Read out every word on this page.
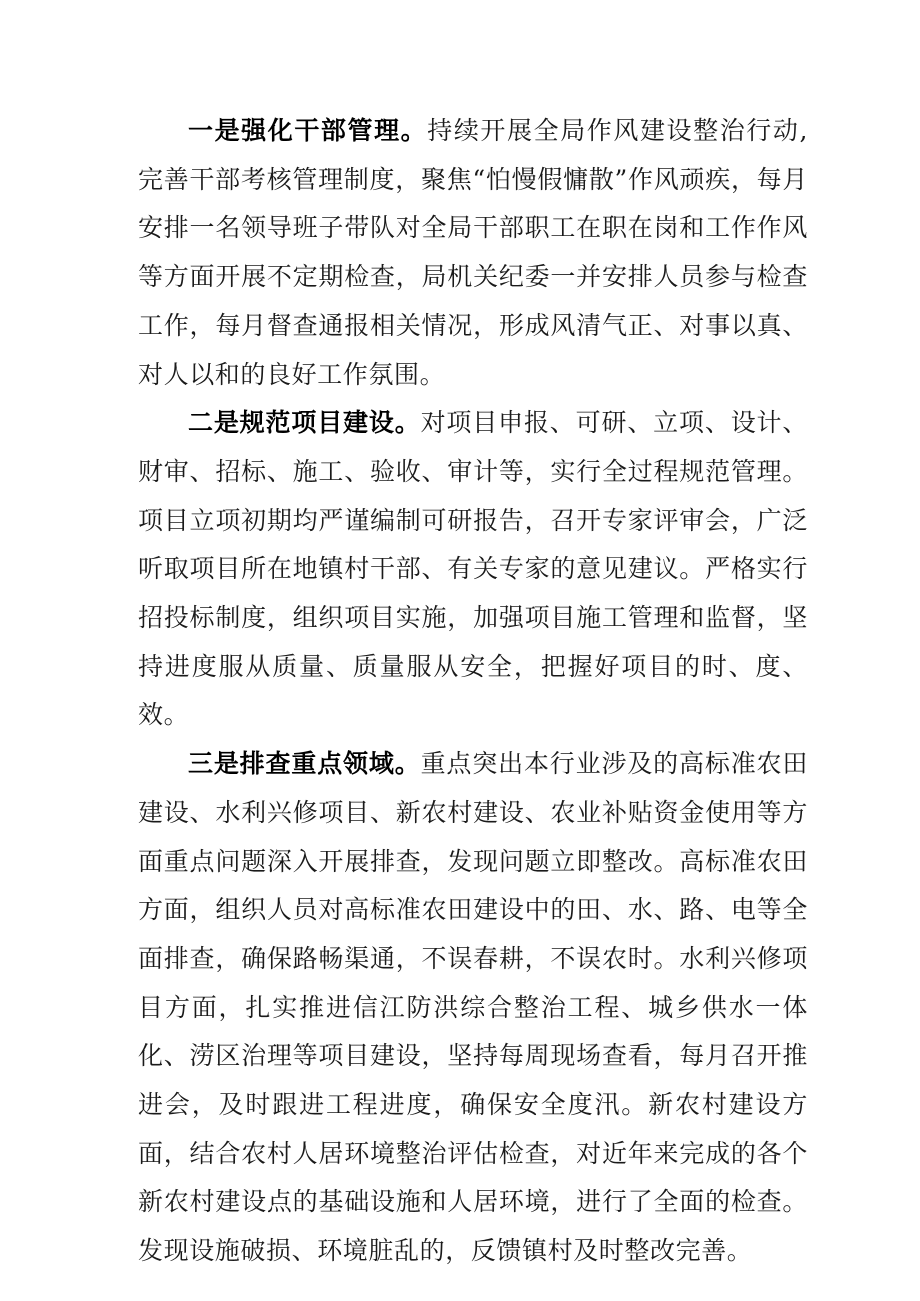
一是强化干部管理。持续开展全局作风建设整治行动,完善干部考核管理制度，聚焦“怕慢假慵散”作风顽疾，每月安排一名领导班子带队对全局干部职工在职在岗和工作作风等方面开展不定期检查，局机关纪委一并安排人员参与检查工作，每月督查通报相关情况，形成风清气正、对事以真、对人以和的良好工作氛围。

二是规范项目建设。对项目申报、可研、立项、设计、财审、招标、施工、验收、审计等，实行全过程规范管理。项目立项初期均严谨编制可研报告，召开专家评审会，广泛听取项目所在地镇村干部、有关专家的意见建议。严格实行招投标制度，组织项目实施，加强项目施工管理和监督，坚持进度服从质量、质量服从安全，把握好项目的时、度、效。

三是排查重点领域。重点突出本行业涉及的高标准农田建设、水利兴修项目、新农村建设、农业补贴资金使用等方面重点问题深入开展排查，发现问题立即整改。高标准农田方面，组织人员对高标准农田建设中的田、水、路、电等全面排查，确保路畅渠通，不误春耕，不误农时。水利兴修项目方面，扎实推进信江防洪综合整治工程、城乡供水一体化、涝区治理等项目建设，坚持每周现场查看，每月召开推进会，及时跟进工程进度，确保安全度汛。新农村建设方面，结合农村人居环境整治评估检查，对近年来完成的各个新农村建设点的基础设施和人居环境，进行了全面的检查。发现设施破损、环境脏乱的，反馈镇村及时整改完善。
